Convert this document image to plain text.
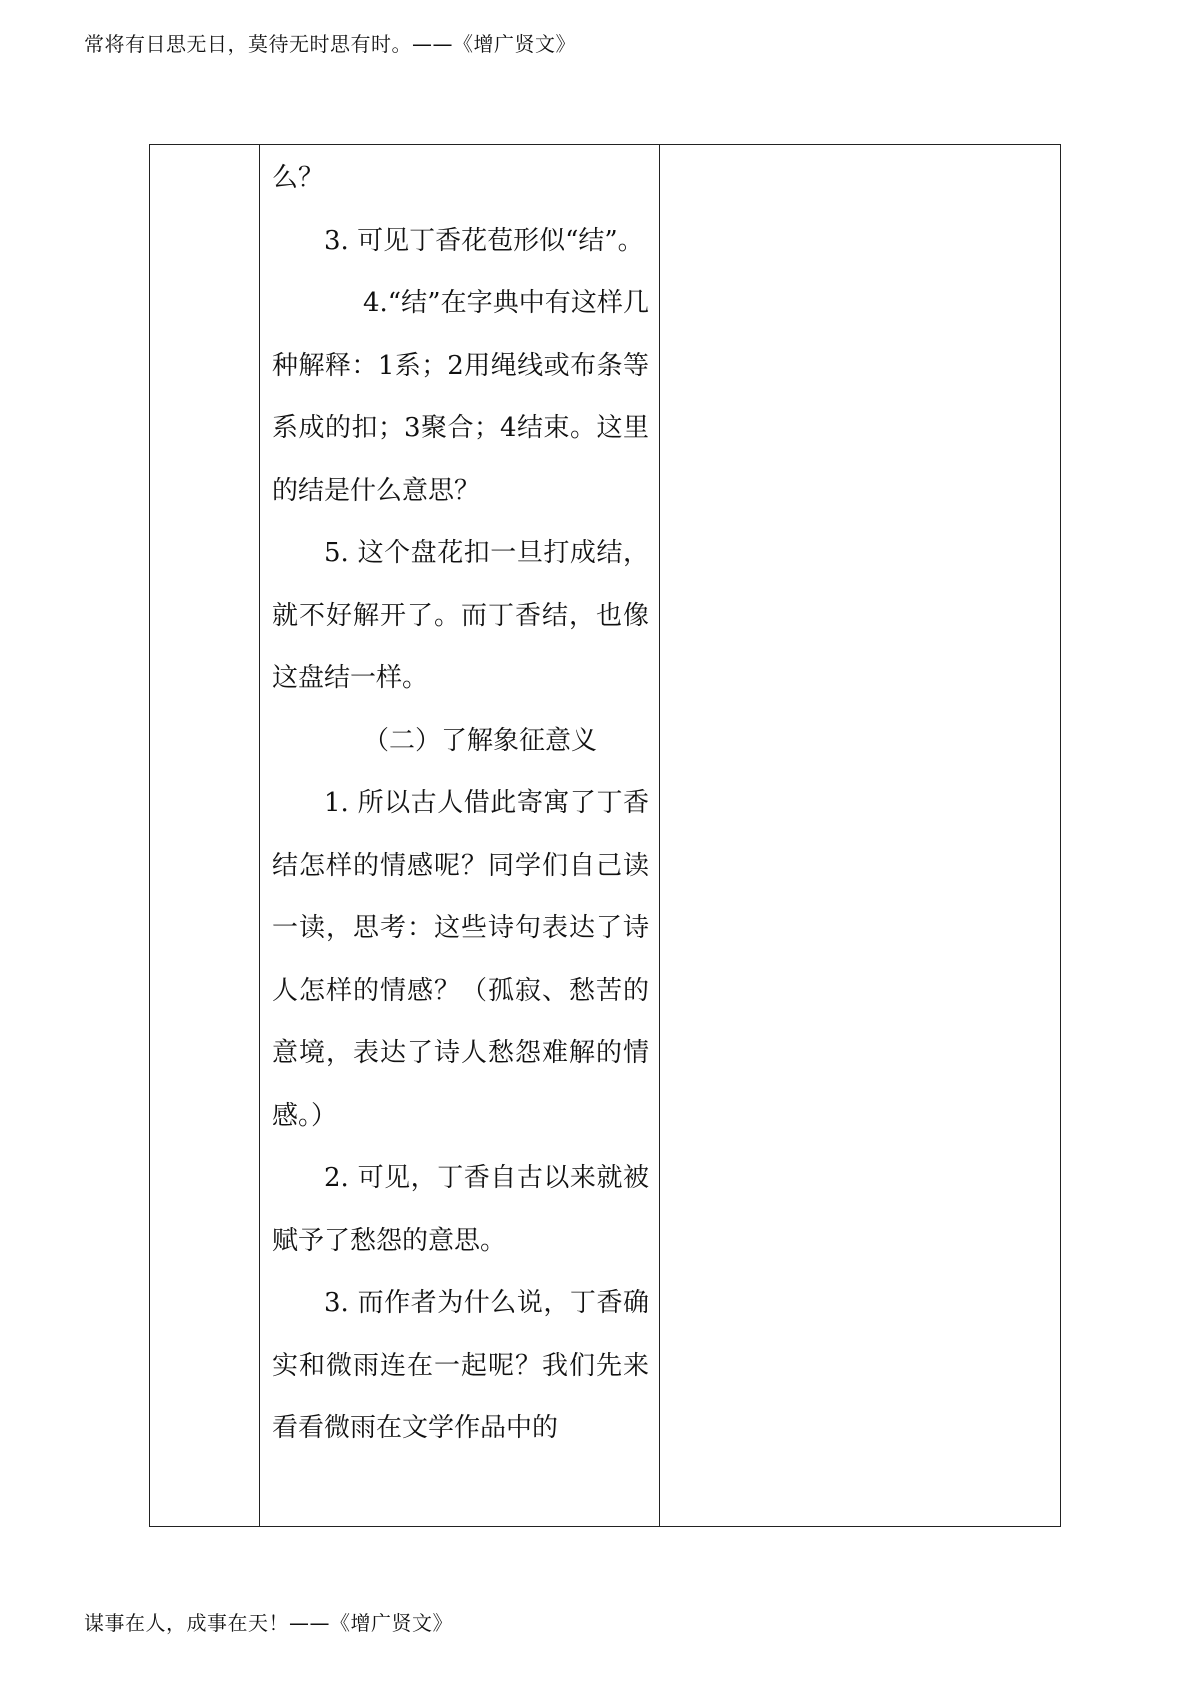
常将有日思无日，莫待无时思有时。——《增广贤文》

么？

3. 可见丁香花苞形似“结”。

4.“结”在字典中有这样几种解释：1系；2用绳线或布条等系成的扣；3聚合；4结束。这里的结是什么意思？

5. 这个盘花扣一旦打成结，就不好解开了。而丁香结，也像这盘结一样。

（二）了解象征意义

1. 所以古人借此寄寓了丁香结怎样的情感呢？同学们自己读一读，思考：这些诗句表达了诗人怎样的情感？（孤寂、愁苦的意境，表达了诗人愁怨难解的情感。）

2. 可见，丁香自古以来就被赋予了愁怨的意思。

3. 而作者为什么说，丁香确实和微雨连在一起呢？我们先来看看微雨在文学作品中的

谋事在人，成事在天！——《增广贤文》
